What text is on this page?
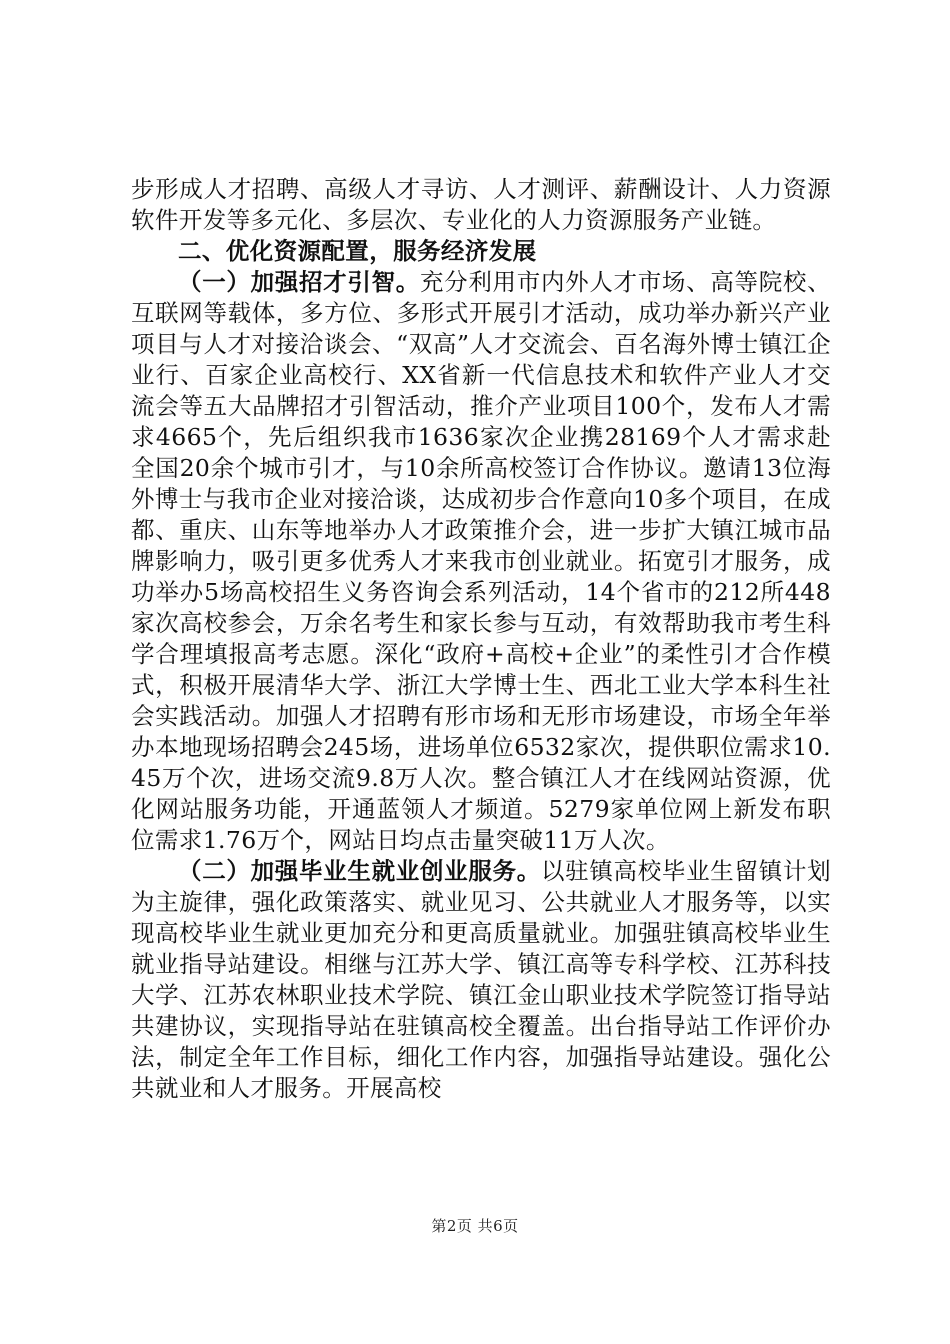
步形成人才招聘、高级人才寻访、人才测评、薪酬设计、人力资源软件开发等多元化、多层次、专业化的人力资源服务产业链。

二、优化资源配置，服务经济发展

（一）加强招才引智。充分利用市内外人才市场、高等院校、互联网等载体，多方位、多形式开展引才活动，成功举办新兴产业项目与人才对接洽谈会、“双高”人才交流会、百名海外博士镇江企业行、百家企业高校行、XX省新一代信息技术和软件产业人才交流会等五大品牌招才引智活动，推介产业项目100个，发布人才需求4665个，先后组织我市1636家次企业携28169个人才需求赴全国20余个城市引才，与10余所高校签订合作协议。邀请13位海外博士与我市企业对接洽谈，达成初步合作意向10多个项目，在成都、重庆、山东等地举办人才政策推介会，进一步扩大镇江城市品牌影响力，吸引更多优秀人才来我市创业就业。拓宽引才服务，成功举办5场高校招生义务咨询会系列活动，14个省市的212所448家次高校参会，万余名考生和家长参与互动，有效帮助我市考生科学合理填报高考志愿。深化“政府+高校+企业”的柔性引才合作模式，积极开展清华大学、浙江大学博士生、西北工业大学本科生社会实践活动。加强人才招聘有形市场和无形市场建设，市场全年举办本地现场招聘会245场，进场单位6532家次，提供职位需求10.45万个次，进场交流9.8万人次。整合镇江人才在线网站资源，优化网站服务功能，开通蓝领人才频道。5279家单位网上新发布职位需求1.76万个，网站日均点击量突破11万人次。

（二）加强毕业生就业创业服务。以驻镇高校毕业生留镇计划为主旋律，强化政策落实、就业见习、公共就业人才服务等，以实现高校毕业生就业更加充分和更高质量就业。加强驻镇高校毕业生就业指导站建设。相继与江苏大学、镇江高等专科学校、江苏科技大学、江苏农林职业技术学院、镇江金山职业技术学院签订指导站共建协议，实现指导站在驻镇高校全覆盖。出台指导站工作评价办法，制定全年工作目标，细化工作内容，加强指导站建设。强化公共就业和人才服务。开展高校

第2页 共6页
